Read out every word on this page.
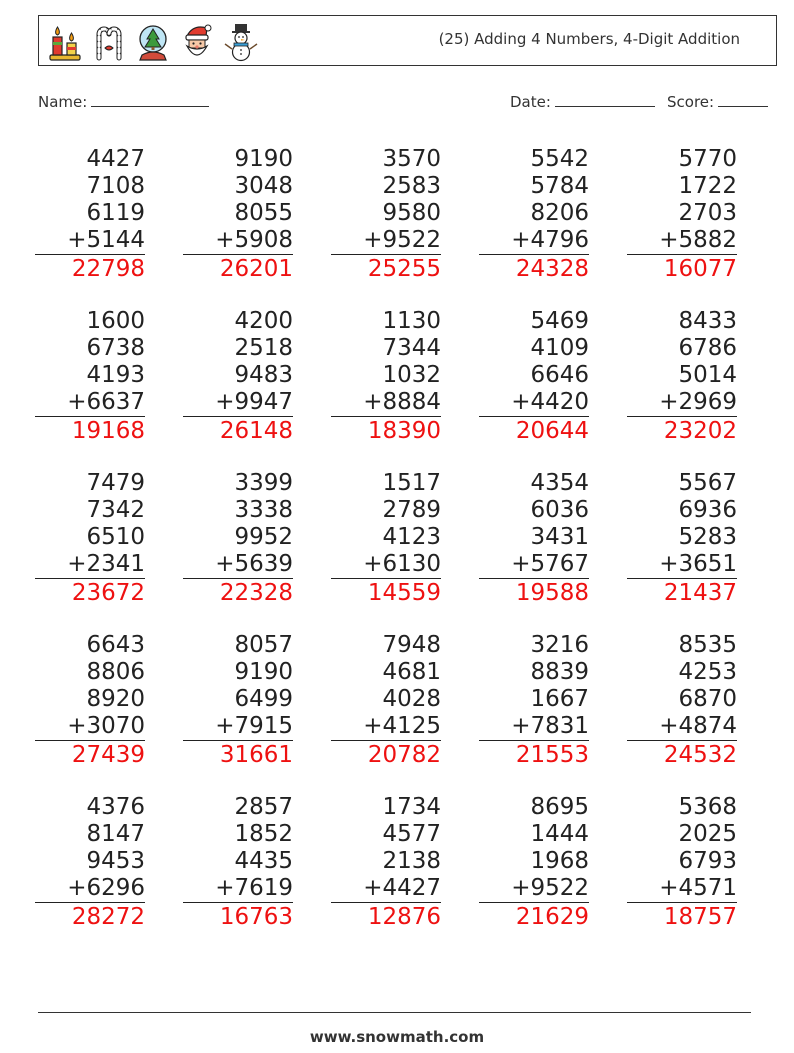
(25) Adding 4 Numbers, 4-Digit Addition
Name:	Date:	Score:
4427
7108
6119
+5144
22798
9190
3048
8055
+5908
26201
3570
2583
9580
+9522
25255
5542
5784
8206
+4796
24328
5770
1722
2703
+5882
16077
1600
6738
4193
+6637
19168
4200
2518
9483
+9947
26148
1130
7344
1032
+8884
18390
5469
4109
6646
+4420
20644
8433
6786
5014
+2969
23202
7479
7342
6510
+2341
23672
3399
3338
9952
+5639
22328
1517
2789
4123
+6130
14559
4354
6036
3431
+5767
19588
5567
6936
5283
+3651
21437
6643
8806
8920
+3070
27439
8057
9190
6499
+7915
31661
7948
4681
4028
+4125
20782
3216
8839
1667
+7831
21553
8535
4253
6870
+4874
24532
4376
8147
9453
+6296
28272
2857
1852
4435
+7619
16763
1734
4577
2138
+4427
12876
8695
1444
1968
+9522
21629
5368
2025
6793
+4571
18757
www.snowmath.com
